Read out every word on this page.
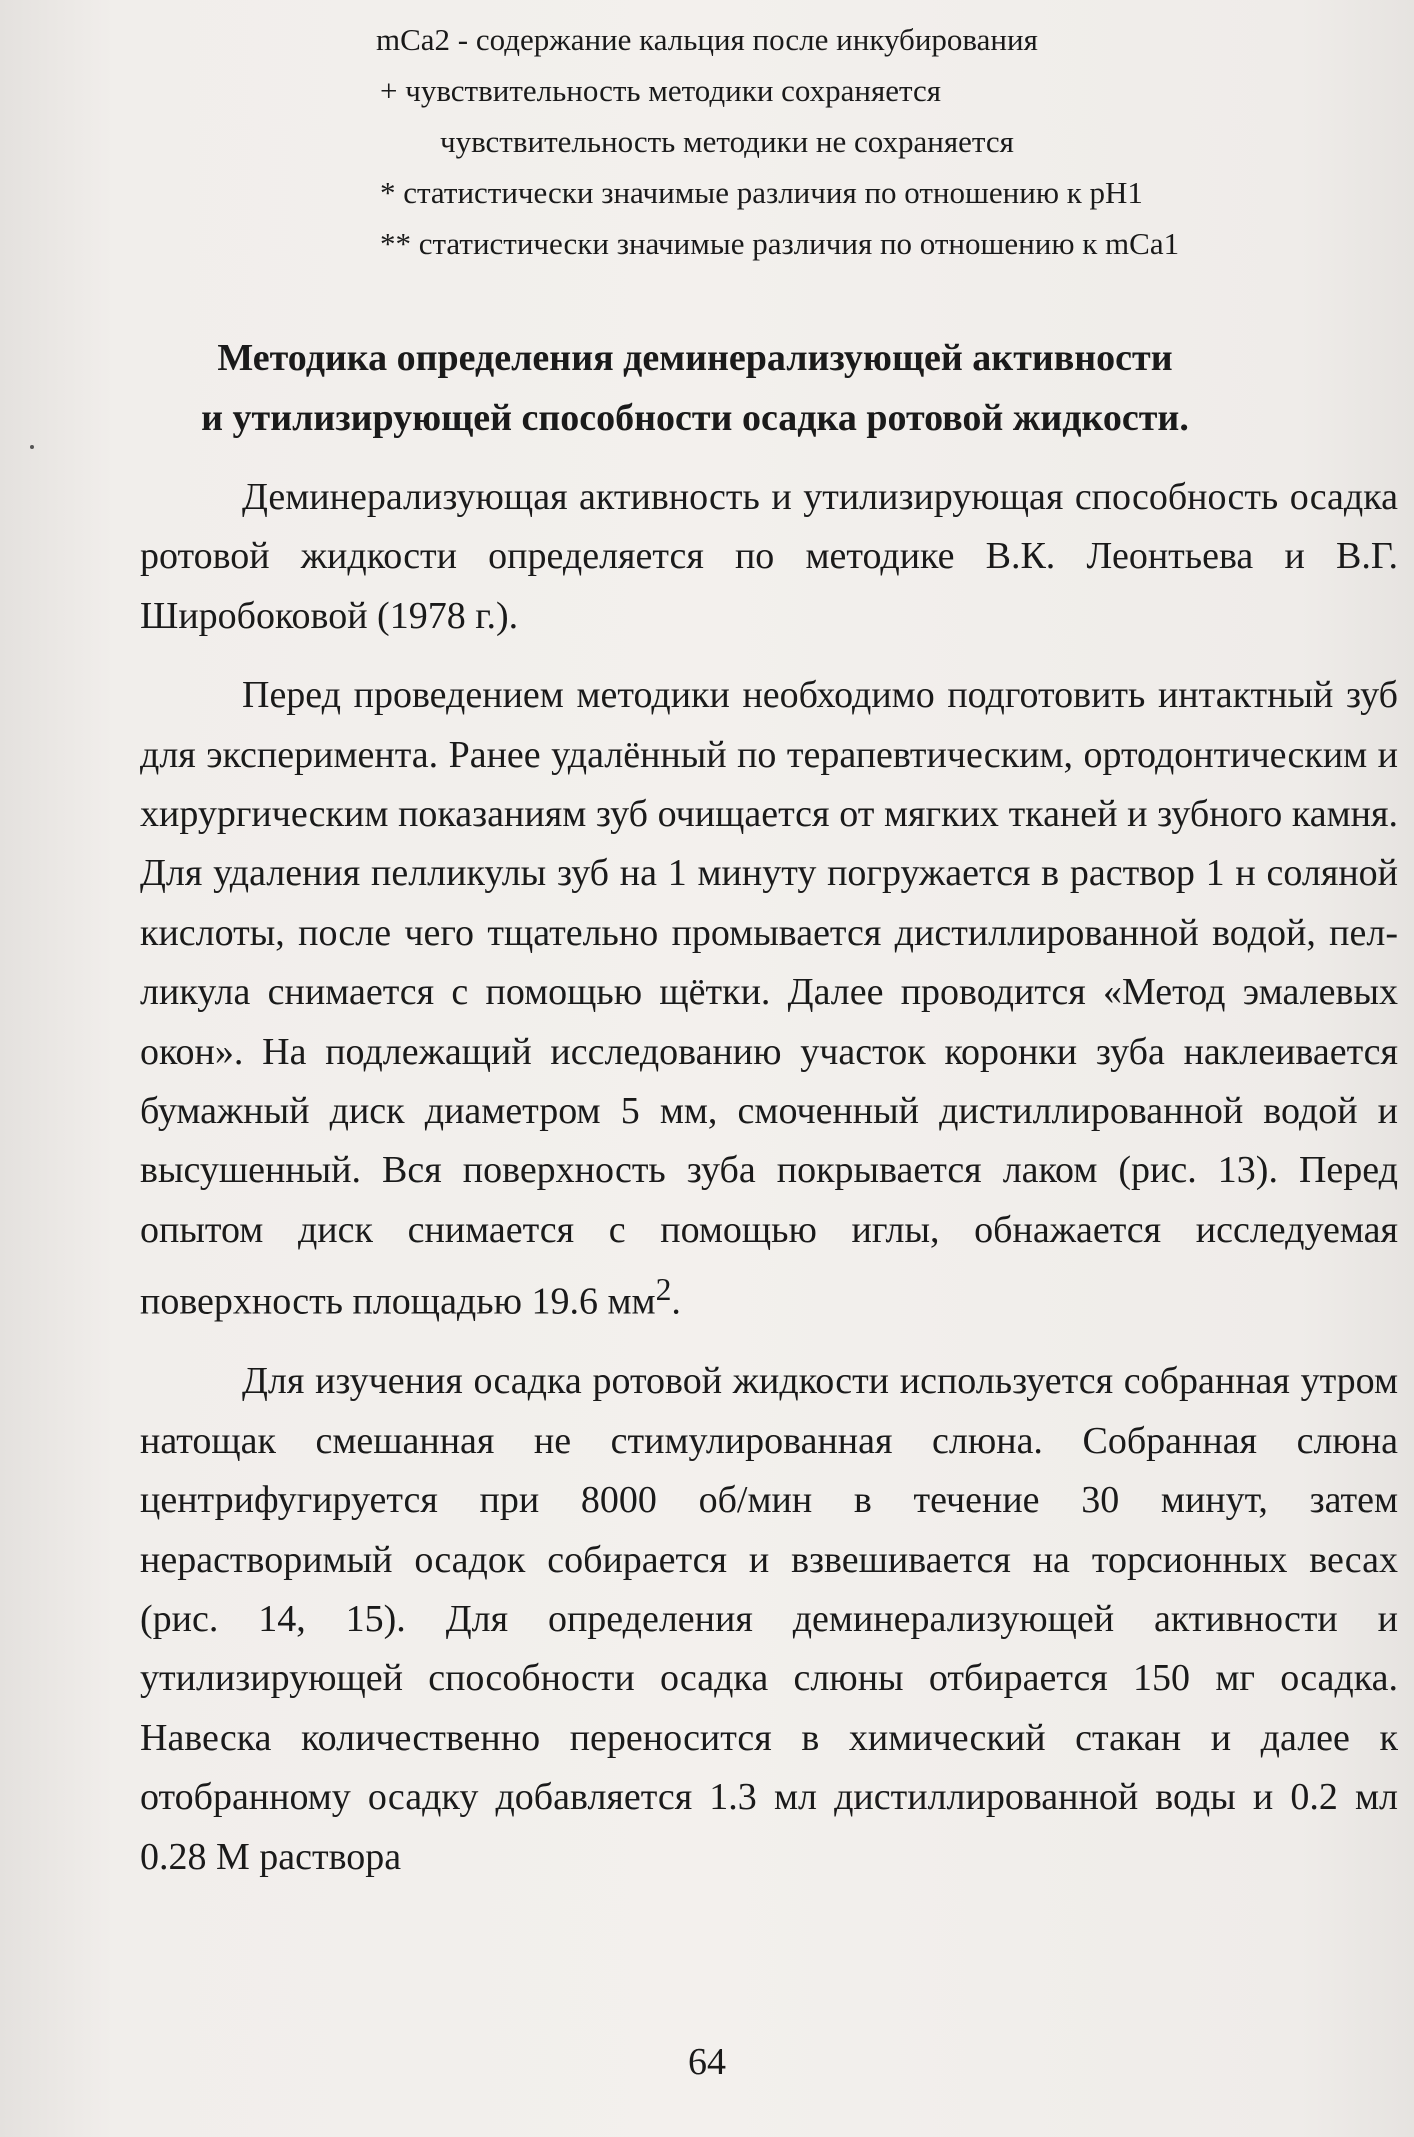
mCa2 - содержание кальция после инкубирования
+ чувствительность методики сохраняется
чувствительность методики не сохраняется
* статистически значимые различия по отношению к pH1
** статистически значимые различия по отношению к mCa1
Методика определения деминерализующей активности
и утилизирующей способности осадка ротовой жидкости.

Деминерализующая активность и утилизирующая способность осадка ротовой жидкости определяется по методике В.К. Леонтьева и В.Г. Широбоковой (1978 г.).

Перед проведением методики необходимо подготовить интактный зуб для эксперимента. Ранее удалённый по терапевтическим, ортодонтическим и хирургическим показаниям зуб очищается от мягких тканей и зубного камня. Для удаления пелликулы зуб на 1 минуту погружается в раствор 1 н соляной кислоты, после чего тщательно промывается дистиллированной водой, пелликула снимается с помощью щётки. Далее проводится «Метод эмалевых окон». На подлежащий исследованию участок коронки зуба наклеивается бумажный диск диаметром 5 мм, смоченный дистиллированной водой и высушенный. Вся поверхность зуба покрывается лаком (рис. 13). Перед опытом диск снимается с помощью иглы, обнажается исследуемая поверхность площадью 19.6 $мм^2$.

Для изучения осадка ротовой жидкости используется собранная утром натощак смешанная не стимулированная слюна. Собранная слюна центрифугируется при 8000 об/мин в течение 30 минут, затем нерастворимый осадок собирается и взвешивается на торсионных весах (рис. 14, 15). Для определения деминерализующей активности и утилизирующей способности осадка слюны отбирается 150 мг осадка. Навеска количественно переносится в химический стакан и далее к отобранному осадку добавляется 1.3 мл дистиллированной воды и 0.2 мл 0.28 М раствора

64
